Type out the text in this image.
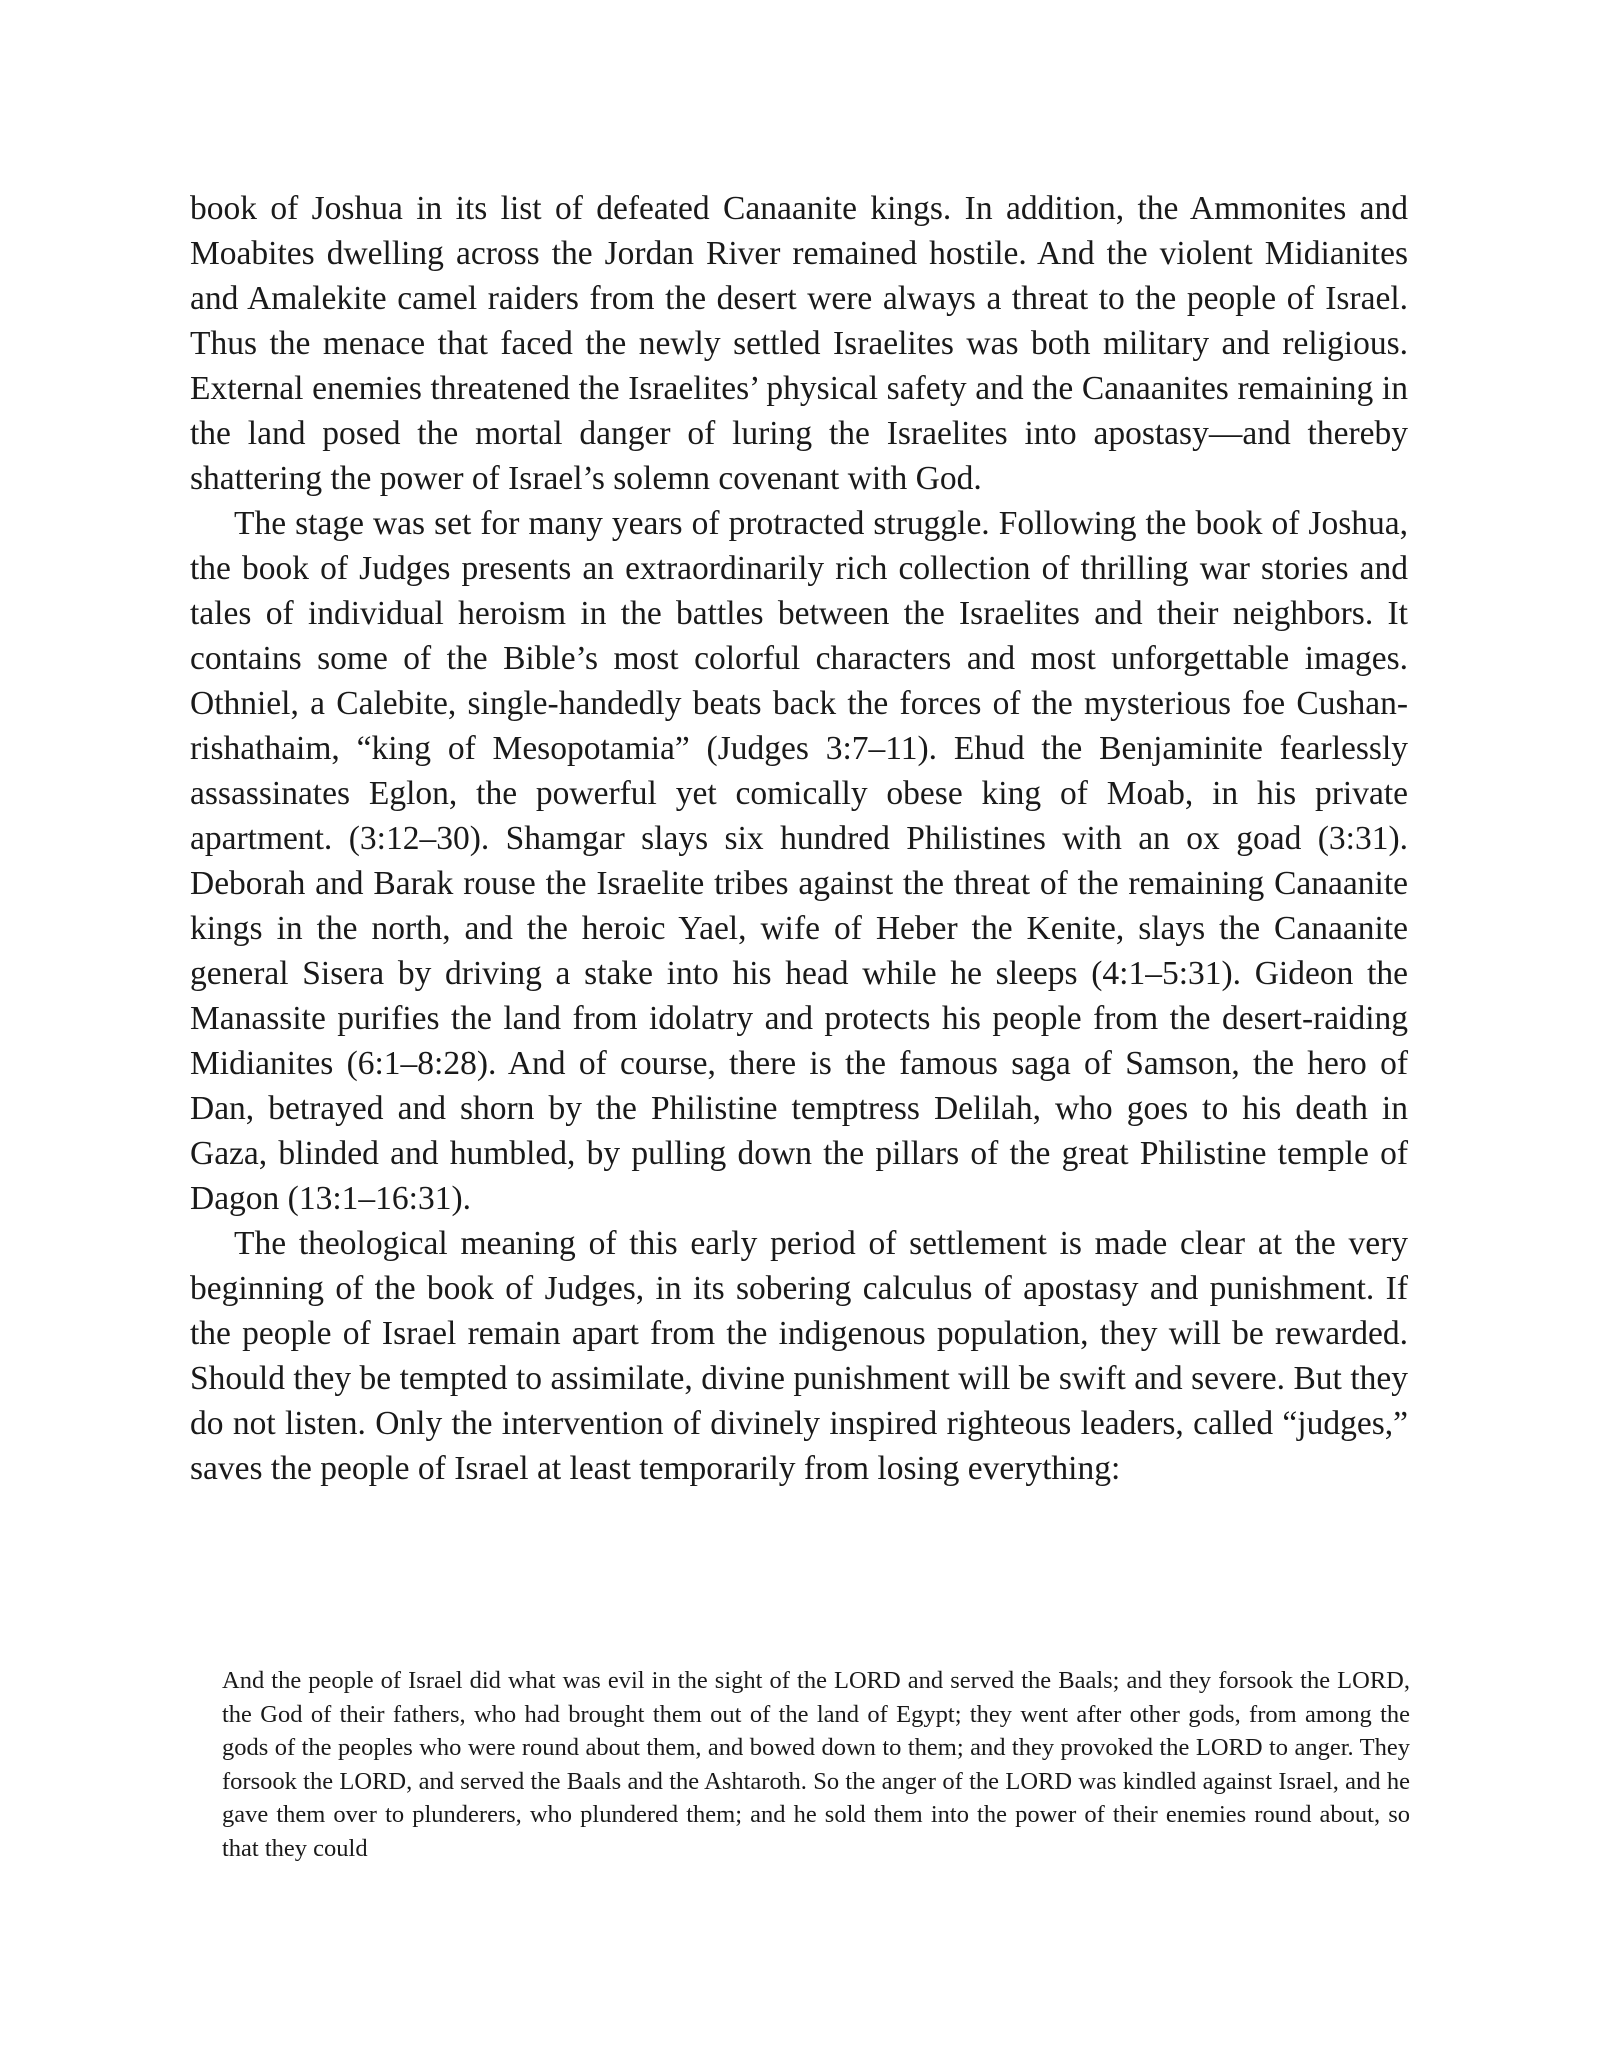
book of Joshua in its list of defeated Canaanite kings. In addition, the Ammonites and Moabites dwelling across the Jordan River remained hostile. And the violent Midianites and Amalekite camel raiders from the desert were always a threat to the people of Israel. Thus the menace that faced the newly settled Israelites was both military and religious. External enemies threatened the Israelites’ physical safety and the Canaanites remaining in the land posed the mortal danger of luring the Israelites into apostasy—and thereby shattering the power of Israel’s solemn covenant with God.

The stage was set for many years of protracted struggle. Following the book of Joshua, the book of Judges presents an extraordinarily rich collection of thrilling war stories and tales of individual heroism in the battles between the Israelites and their neighbors. It contains some of the Bible’s most colorful characters and most unforgettable images. Othniel, a Calebite, single-handedly beats back the forces of the mysterious foe Cushan-rishathaim, “king of Mesopotamia” (Judges 3:7–11). Ehud the Benjaminite fearlessly assassinates Eglon, the powerful yet comically obese king of Moab, in his private apartment. (3:12–30). Shamgar slays six hundred Philistines with an ox goad (3:31). Deborah and Barak rouse the Israelite tribes against the threat of the remaining Canaanite kings in the north, and the heroic Yael, wife of Heber the Kenite, slays the Canaanite general Sisera by driving a stake into his head while he sleeps (4:1–5:31). Gideon the Manassite purifies the land from idolatry and protects his people from the desert-raiding Midianites (6:1–8:28). And of course, there is the famous saga of Samson, the hero of Dan, betrayed and shorn by the Philistine temptress Delilah, who goes to his death in Gaza, blinded and humbled, by pulling down the pillars of the great Philistine temple of Dagon (13:1–16:31).

The theological meaning of this early period of settlement is made clear at the very beginning of the book of Judges, in its sobering calculus of apostasy and punishment. If the people of Israel remain apart from the indigenous population, they will be rewarded. Should they be tempted to assimilate, divine punishment will be swift and severe. But they do not listen. Only the intervention of divinely inspired righteous leaders, called “judges,” saves the people of Israel at least temporarily from losing everything:

And the people of Israel did what was evil in the sight of the LORD and served the Baals; and they forsook the LORD, the God of their fathers, who had brought them out of the land of Egypt; they went after other gods, from among the gods of the peoples who were round about them, and bowed down to them; and they provoked the LORD to anger. They forsook the LORD, and served the Baals and the Ashtaroth. So the anger of the LORD was kindled against Israel, and he gave them over to plunderers, who plundered them; and he sold them into the power of their enemies round about, so that they could
